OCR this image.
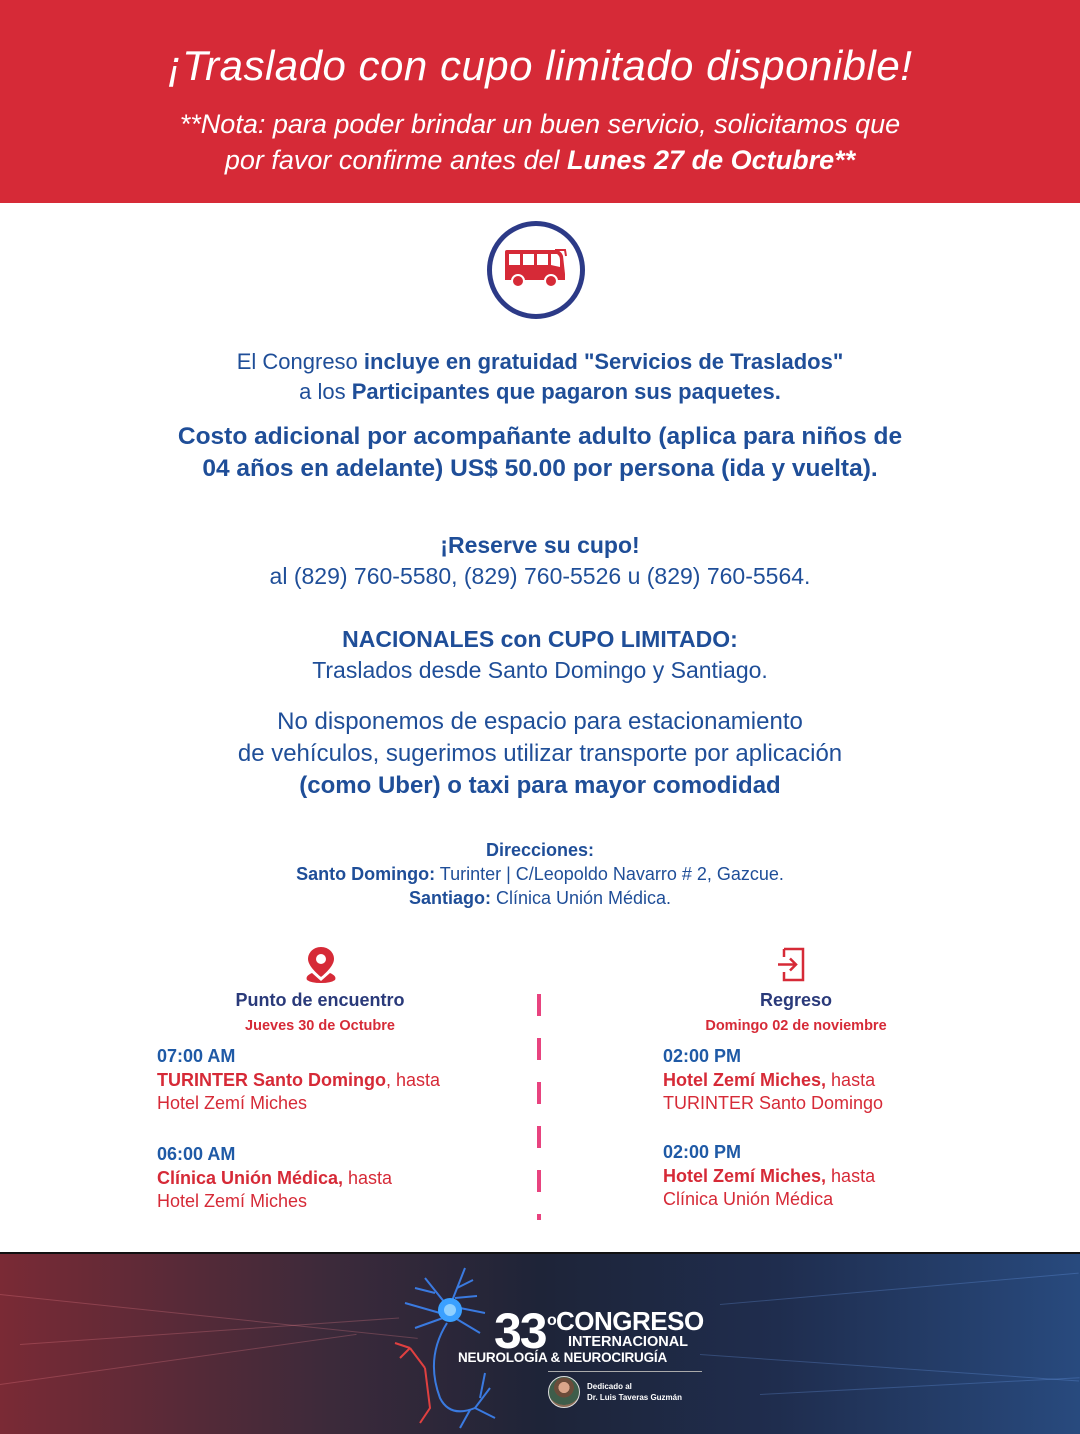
¡Traslado con cupo limitado disponible!
**Nota: para poder brindar un buen servicio, solicitamos que
por favor confirme antes del Lunes 27 de Octubre**
El Congreso incluye en gratuidad "Servicios de Traslados"
a los Participantes que pagaron sus paquetes.
Costo adicional por acompañante adulto (aplica para niños de
04 años en adelante) US$ 50.00 por persona (ida y vuelta).
¡Reserve su cupo!
al (829) 760-5580, (829) 760-5526 u (829) 760-5564.
NACIONALES con CUPO LIMITADO:
Traslados desde Santo Domingo y Santiago.
No disponemos de espacio para estacionamiento
de vehículos, sugerimos utilizar transporte por aplicación
(como Uber) o taxi para mayor comodidad
Direcciones:
Santo Domingo: Turinter | C/Leopoldo Navarro # 2, Gazcue.
Santiago: Clínica Unión Médica.
Punto de encuentro
Jueves 30 de Octubre
07:00 AM
TURINTER Santo Domingo, hasta
Hotel Zemí Miches
06:00 AM
Clínica Unión Médica, hasta
Hotel Zemí Miches
Regreso
Domingo 02 de noviembre
02:00 PM
Hotel Zemí Miches, hasta
TURINTER Santo Domingo
02:00 PM
Hotel Zemí Miches, hasta
Clínica Unión Médica
33 o CONGRESO
INTERNACIONAL
NEUROLOGÍA & NEUROCIRUGÍA
Dedicado al
Dr. Luis Taveras Guzmán
